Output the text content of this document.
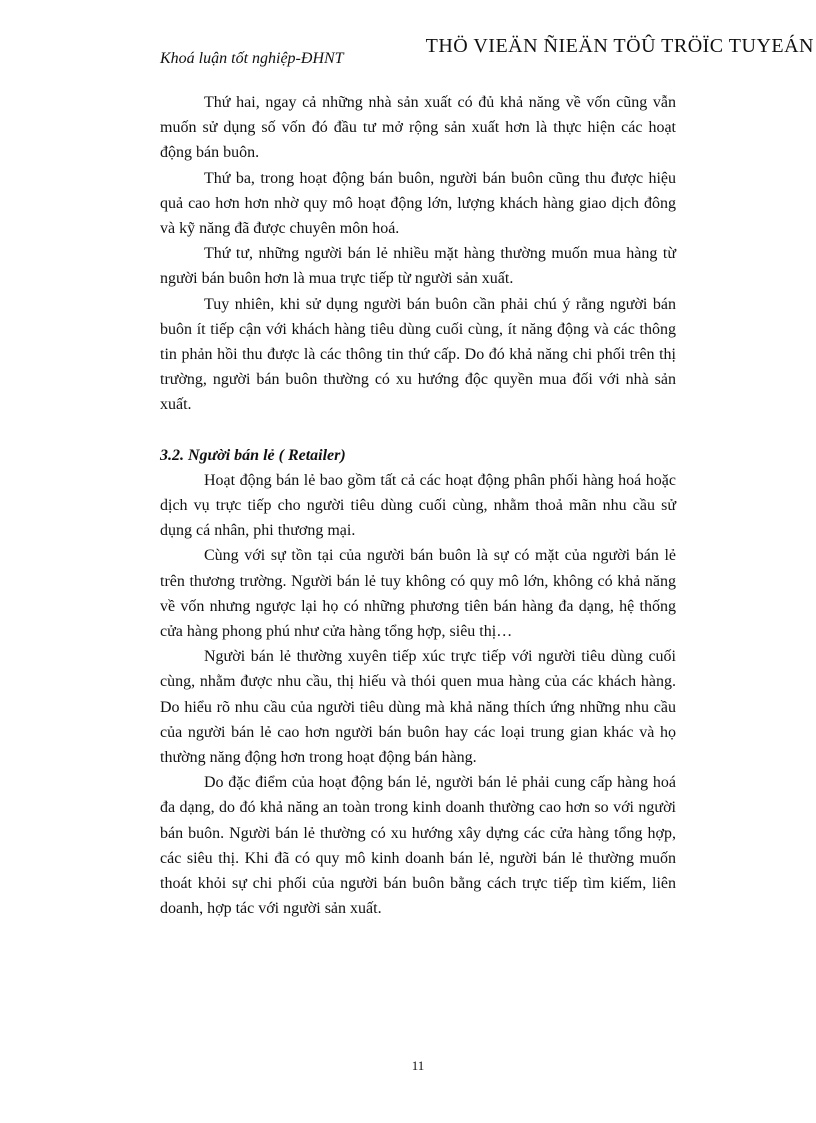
THÖ VIEÄN ÑIEÄN TÖÛ TRÖÏC TUYEÁN
Khoá luận tốt nghiệp-ĐHNT

Thứ hai, ngay cả những nhà sản xuất có đủ khả năng về vốn cũng vẫn muốn sử dụng số vốn đó đầu tư mở rộng sản xuất hơn là thực hiện các hoạt động bán buôn.

Thứ ba, trong hoạt động bán buôn, người bán buôn cũng thu được hiệu quả cao hơn hơn nhờ quy mô hoạt động lớn, lượng khách hàng giao dịch đông và kỹ năng đã được chuyên môn hoá.

Thứ tư, những người bán lẻ nhiều mặt hàng thường muốn mua hàng từ người bán buôn hơn là mua trực tiếp từ người sản xuất.

Tuy nhiên, khi sử dụng người bán buôn cần phải chú ý rằng người bán buôn ít tiếp cận với khách hàng tiêu dùng cuối cùng, ít năng động và các thông tin phản hồi thu được là các thông tin thứ cấp. Do đó khả năng chi phối trên thị trường, người bán buôn thường có xu hướng độc quyền mua đối với nhà sản xuất.

3.2. Người bán lẻ ( Retailer)

Hoạt động bán lẻ bao gồm tất cả các hoạt động phân phối hàng hoá hoặc dịch vụ trực tiếp cho người tiêu dùng cuối cùng, nhằm thoả mãn nhu cầu sử dụng cá nhân, phi thương mại.

Cùng với sự tồn tại của người bán buôn là sự có mặt của người bán lẻ trên thương trường. Người bán lẻ tuy không có quy mô lớn, không có khả năng về vốn nhưng ngược lại họ có những phương tiên bán hàng đa dạng, hệ thống cửa hàng phong phú như cửa hàng tổng hợp, siêu thị…

Người bán lẻ thường xuyên tiếp xúc trực tiếp với người tiêu dùng cuối cùng, nhằm được nhu cầu, thị hiếu và thói quen mua hàng của các khách hàng. Do hiểu rõ nhu cầu của người tiêu dùng mà khả năng thích ứng những nhu cầu của người bán lẻ cao hơn người bán buôn hay các loại trung gian khác và họ thường năng động hơn trong hoạt động bán hàng.

Do đặc điểm của hoạt động bán lẻ, người bán lẻ phải cung cấp hàng hoá đa dạng, do đó khả năng an toàn trong kinh doanh thường cao hơn so với người bán buôn. Người bán lẻ thường có xu hướng xây dựng các cửa hàng tổng hợp, các siêu thị. Khi đã có quy mô kinh doanh bán lẻ, người bán lẻ thường muốn thoát khỏi sự chi phối của người bán buôn bằng cách trực tiếp tìm kiếm, liên doanh, hợp tác với người sản xuất.

11
